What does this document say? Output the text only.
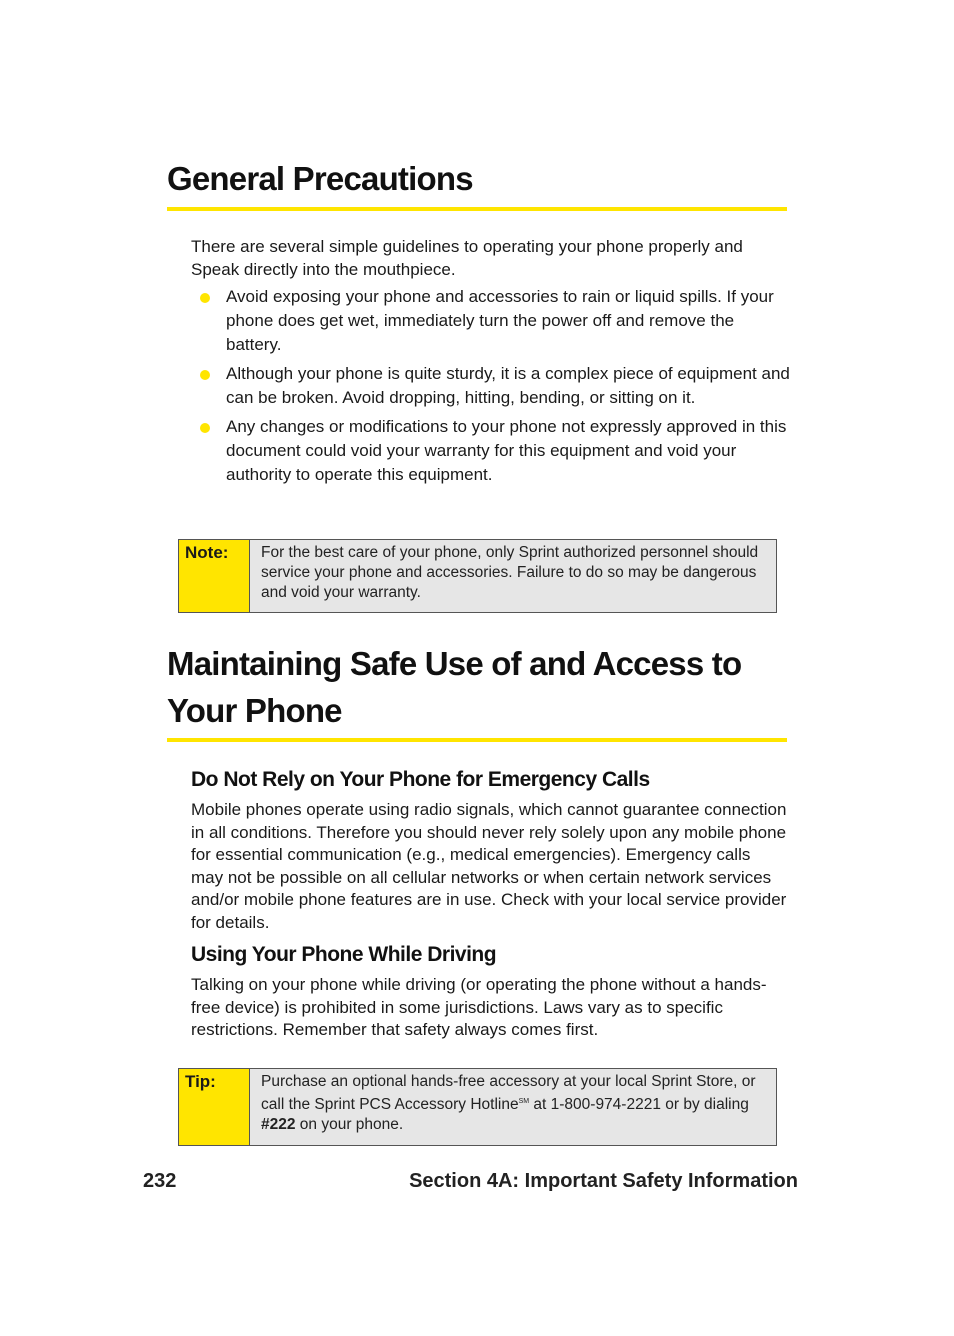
General Precautions

There are several simple guidelines to operating your phone properly and Speak directly into the mouthpiece.

Avoid exposing your phone and accessories to rain or liquid spills. If your phone does get wet, immediately turn the power off and remove the battery.
Although your phone is quite sturdy, it is a complex piece of equipment and can be broken. Avoid dropping, hitting, bending, or sitting on it.
Any changes or modifications to your phone not expressly approved in this document could void your warranty for this equipment and void your authority to operate this equipment.
Note:	For the best care of your phone, only Sprint authorized personnel should service your phone and accessories. Failure to do so may be dangerous and void your warranty.
Maintaining Safe Use of and Access to
Your Phone
Do Not Rely on Your Phone for Emergency Calls

Mobile phones operate using radio signals, which cannot guarantee connection in all conditions. Therefore you should never rely solely upon any mobile phone for essential communication (e.g., medical emergencies). Emergency calls may not be possible on all cellular networks or when certain network services and/or mobile phone features are in use. Check with your local service provider for details.

Using Your Phone While Driving

Talking on your phone while driving (or operating the phone without a hands-free device) is prohibited in some jurisdictions. Laws vary as to specific restrictions. Remember that safety always comes first.

Tip:	Purchase an optional hands-free accessory at your local Sprint Store, or call the Sprint PCS Accessory Hotline℠ at 1-800-974-2221 or by dialing #222 on your phone.
232	Section 4A: Important Safety Information
